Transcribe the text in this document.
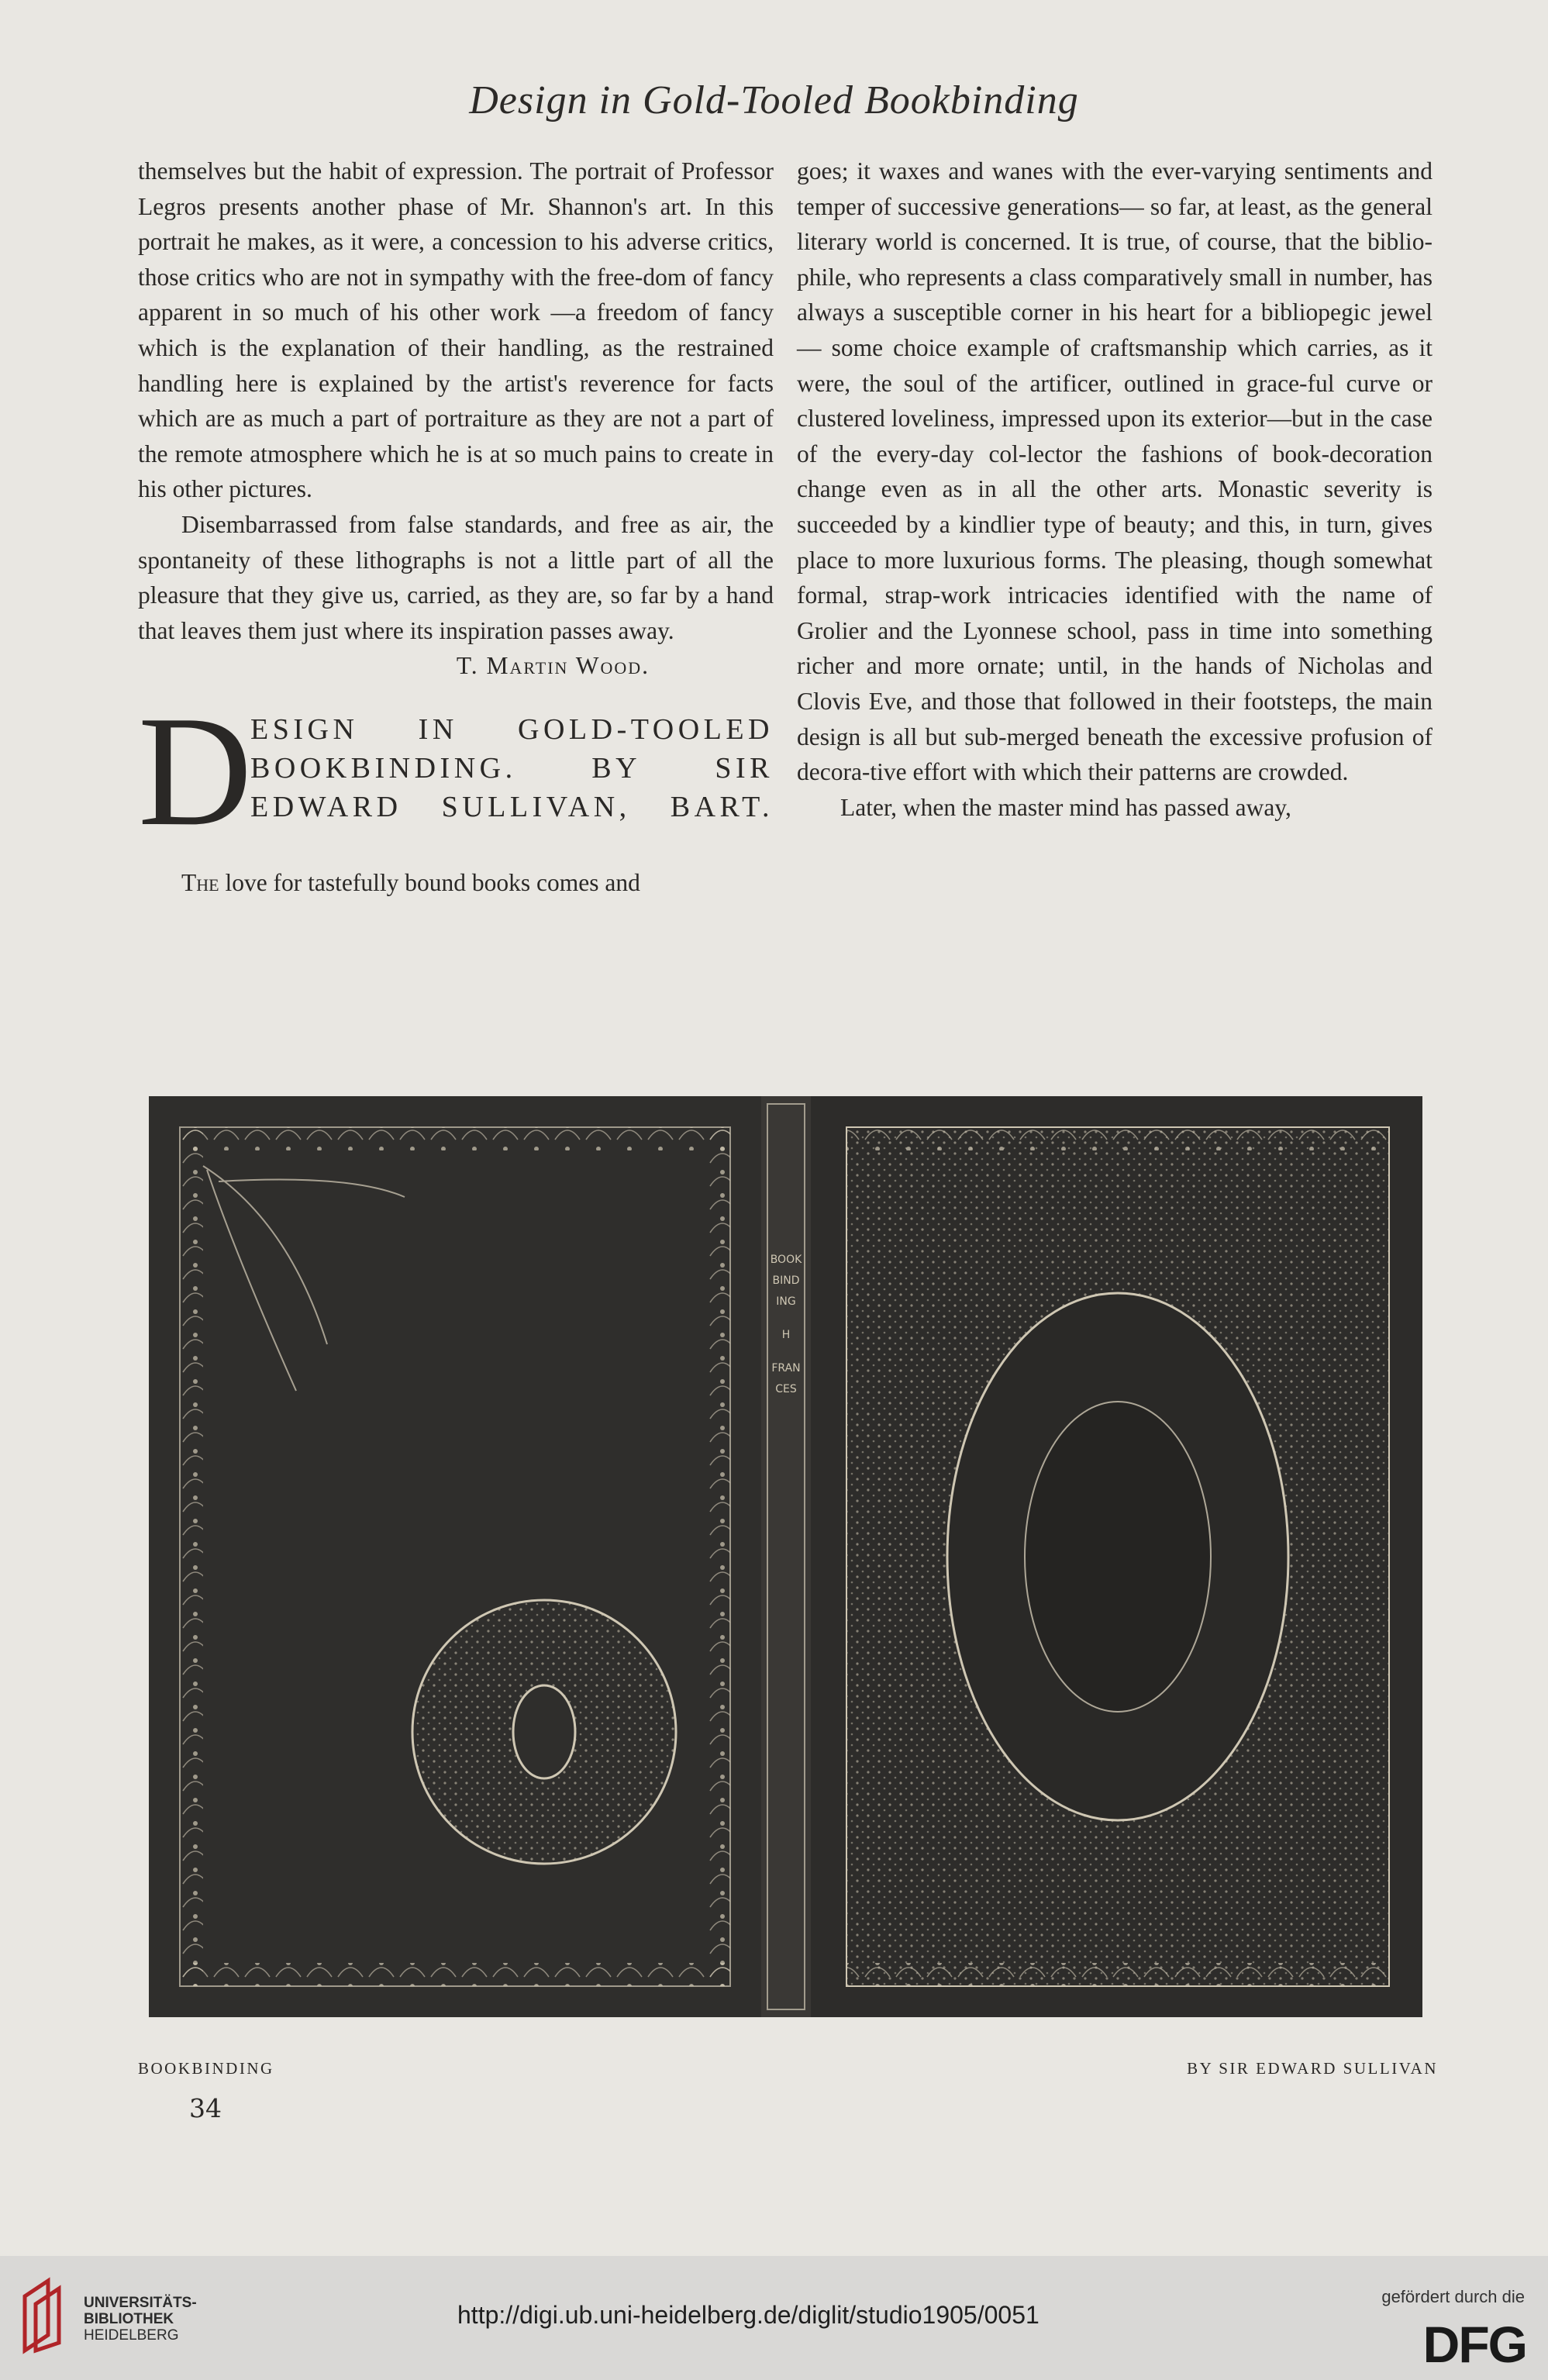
Design in Gold-Tooled Bookbinding

themselves but the habit of expression. The portrait of Professor Legros presents another phase of Mr. Shannon's art. In this portrait he makes, as it were, a concession to his adverse critics, those critics who are not in sympathy with the free-dom of fancy apparent in so much of his other work —a freedom of fancy which is the explanation of their handling, as the restrained handling here is explained by the artist's reverence for facts which are as much a part of portraiture as they are not a part of the remote atmosphere which he is at so much pains to create in his other pictures.

Disembarrassed from false standards, and free as air, the spontaneity of these lithographs is not a little part of all the pleasure that they give us, carried, as they are, so far by a hand that leaves them just where its inspiration passes away.

T. Martin Wood.

D
ESIGN IN GOLD-TOOLED
BOOKBINDING. BY SIR
EDWARD SULLIVAN, BART.

The love for tastefully bound books comes and

goes; it waxes and wanes with the ever-varying sentiments and temper of successive generations— so far, at least, as the general literary world is concerned. It is true, of course, that the biblio-phile, who represents a class comparatively small in number, has always a susceptible corner in his heart for a bibliopegic jewel — some choice example of craftsmanship which carries, as it were, the soul of the artificer, outlined in grace-ful curve or clustered loveliness, impressed upon its exterior—but in the case of the every-day col-lector the fashions of book-decoration change even as in all the other arts. Monastic severity is succeeded by a kindlier type of beauty; and this, in turn, gives place to more luxurious forms. The pleasing, though somewhat formal, strap-work intricacies identified with the name of Grolier and the Lyonnese school, pass in time into something richer and more ornate; until, in the hands of Nicholas and Clovis Eve, and those that followed in their footsteps, the main design is all but sub-merged beneath the excessive profusion of decora-tive effort with which their patterns are crowded.

Later, when the master mind has passed away,

BOOK
BIND
ING
H
FRAN
CES
BOOKBINDING	BY SIR EDWARD SULLIVAN
34
UNIVERSITÄTS-
BIBLIOTHEK
HEIDELBERG
http://digi.ub.uni-heidelberg.de/diglit/studio1905/0051
gefördert durch die
DFG
